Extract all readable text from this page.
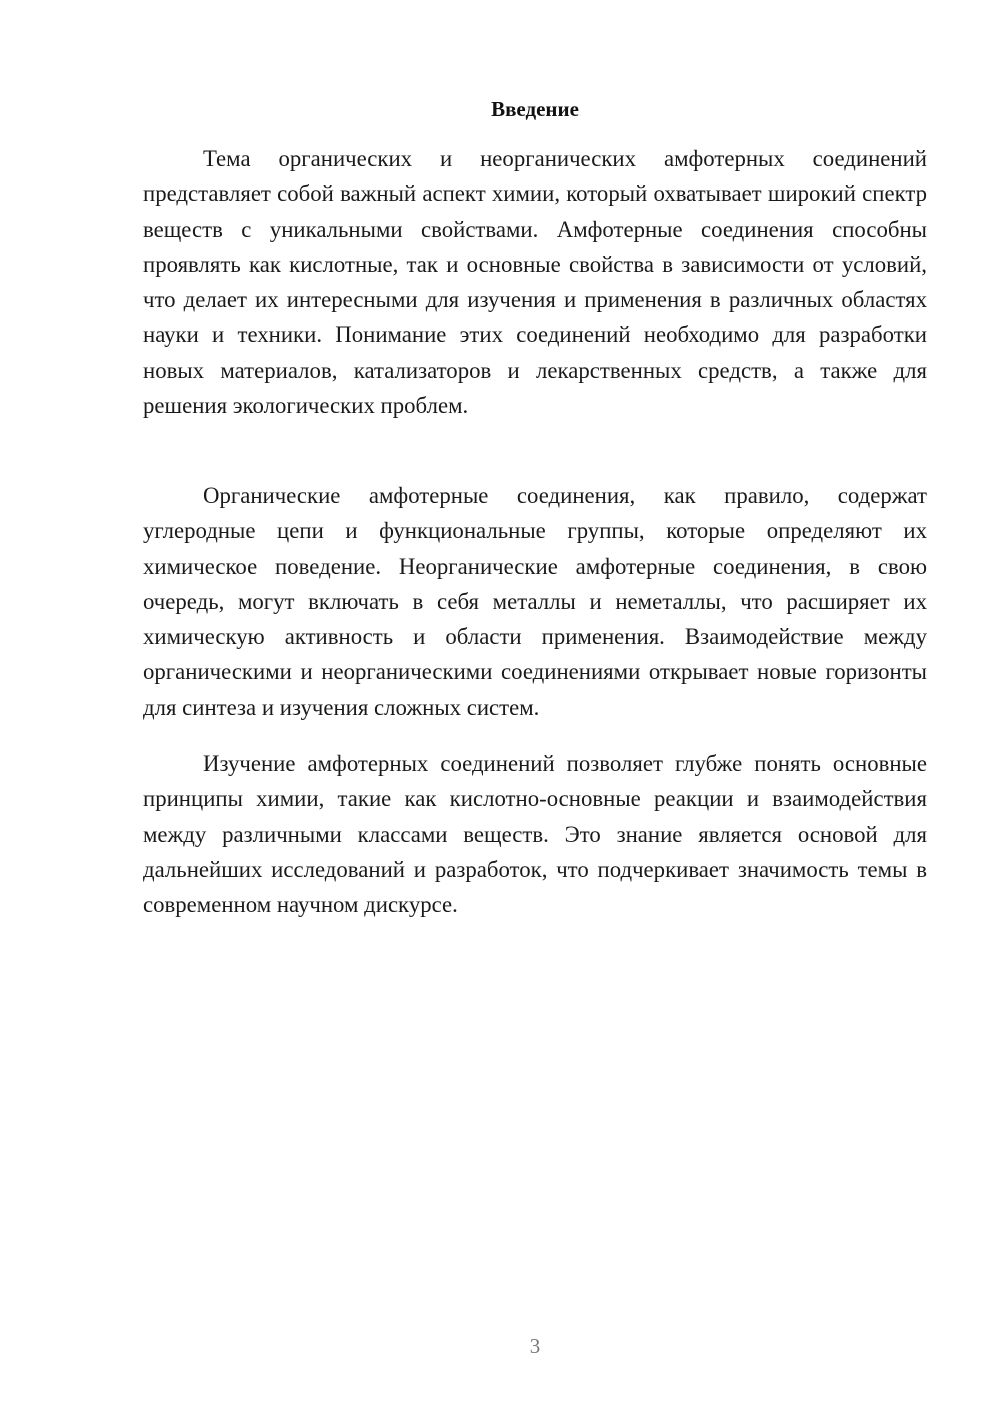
Введение

Тема органических и неорганических амфотерных соединений представляет собой важный аспект химии, который охватывает широкий спектр веществ с уникальными свойствами. Амфотерные соединения способны проявлять как кислотные, так и основные свойства в зависимости от условий, что делает их интересными для изучения и применения в различных областях науки и техники. Понимание этих соединений необходимо для разработки новых материалов, катализаторов и лекарственных средств, а также для решения экологических проблем.

Органические амфотерные соединения, как правило, содержат углеродные цепи и функциональные группы, которые определяют их химическое поведение. Неорганические амфотерные соединения, в свою очередь, могут включать в себя металлы и неметаллы, что расширяет их химическую активность и области применения. Взаимодействие между органическими и неорганическими соединениями открывает новые горизонты для синтеза и изучения сложных систем.

Изучение амфотерных соединений позволяет глубже понять основные принципы химии, такие как кислотно-основные реакции и взаимодействия между различными классами веществ. Это знание является основой для дальнейших исследований и разработок, что подчеркивает значимость темы в современном научном дискурсе.

3
